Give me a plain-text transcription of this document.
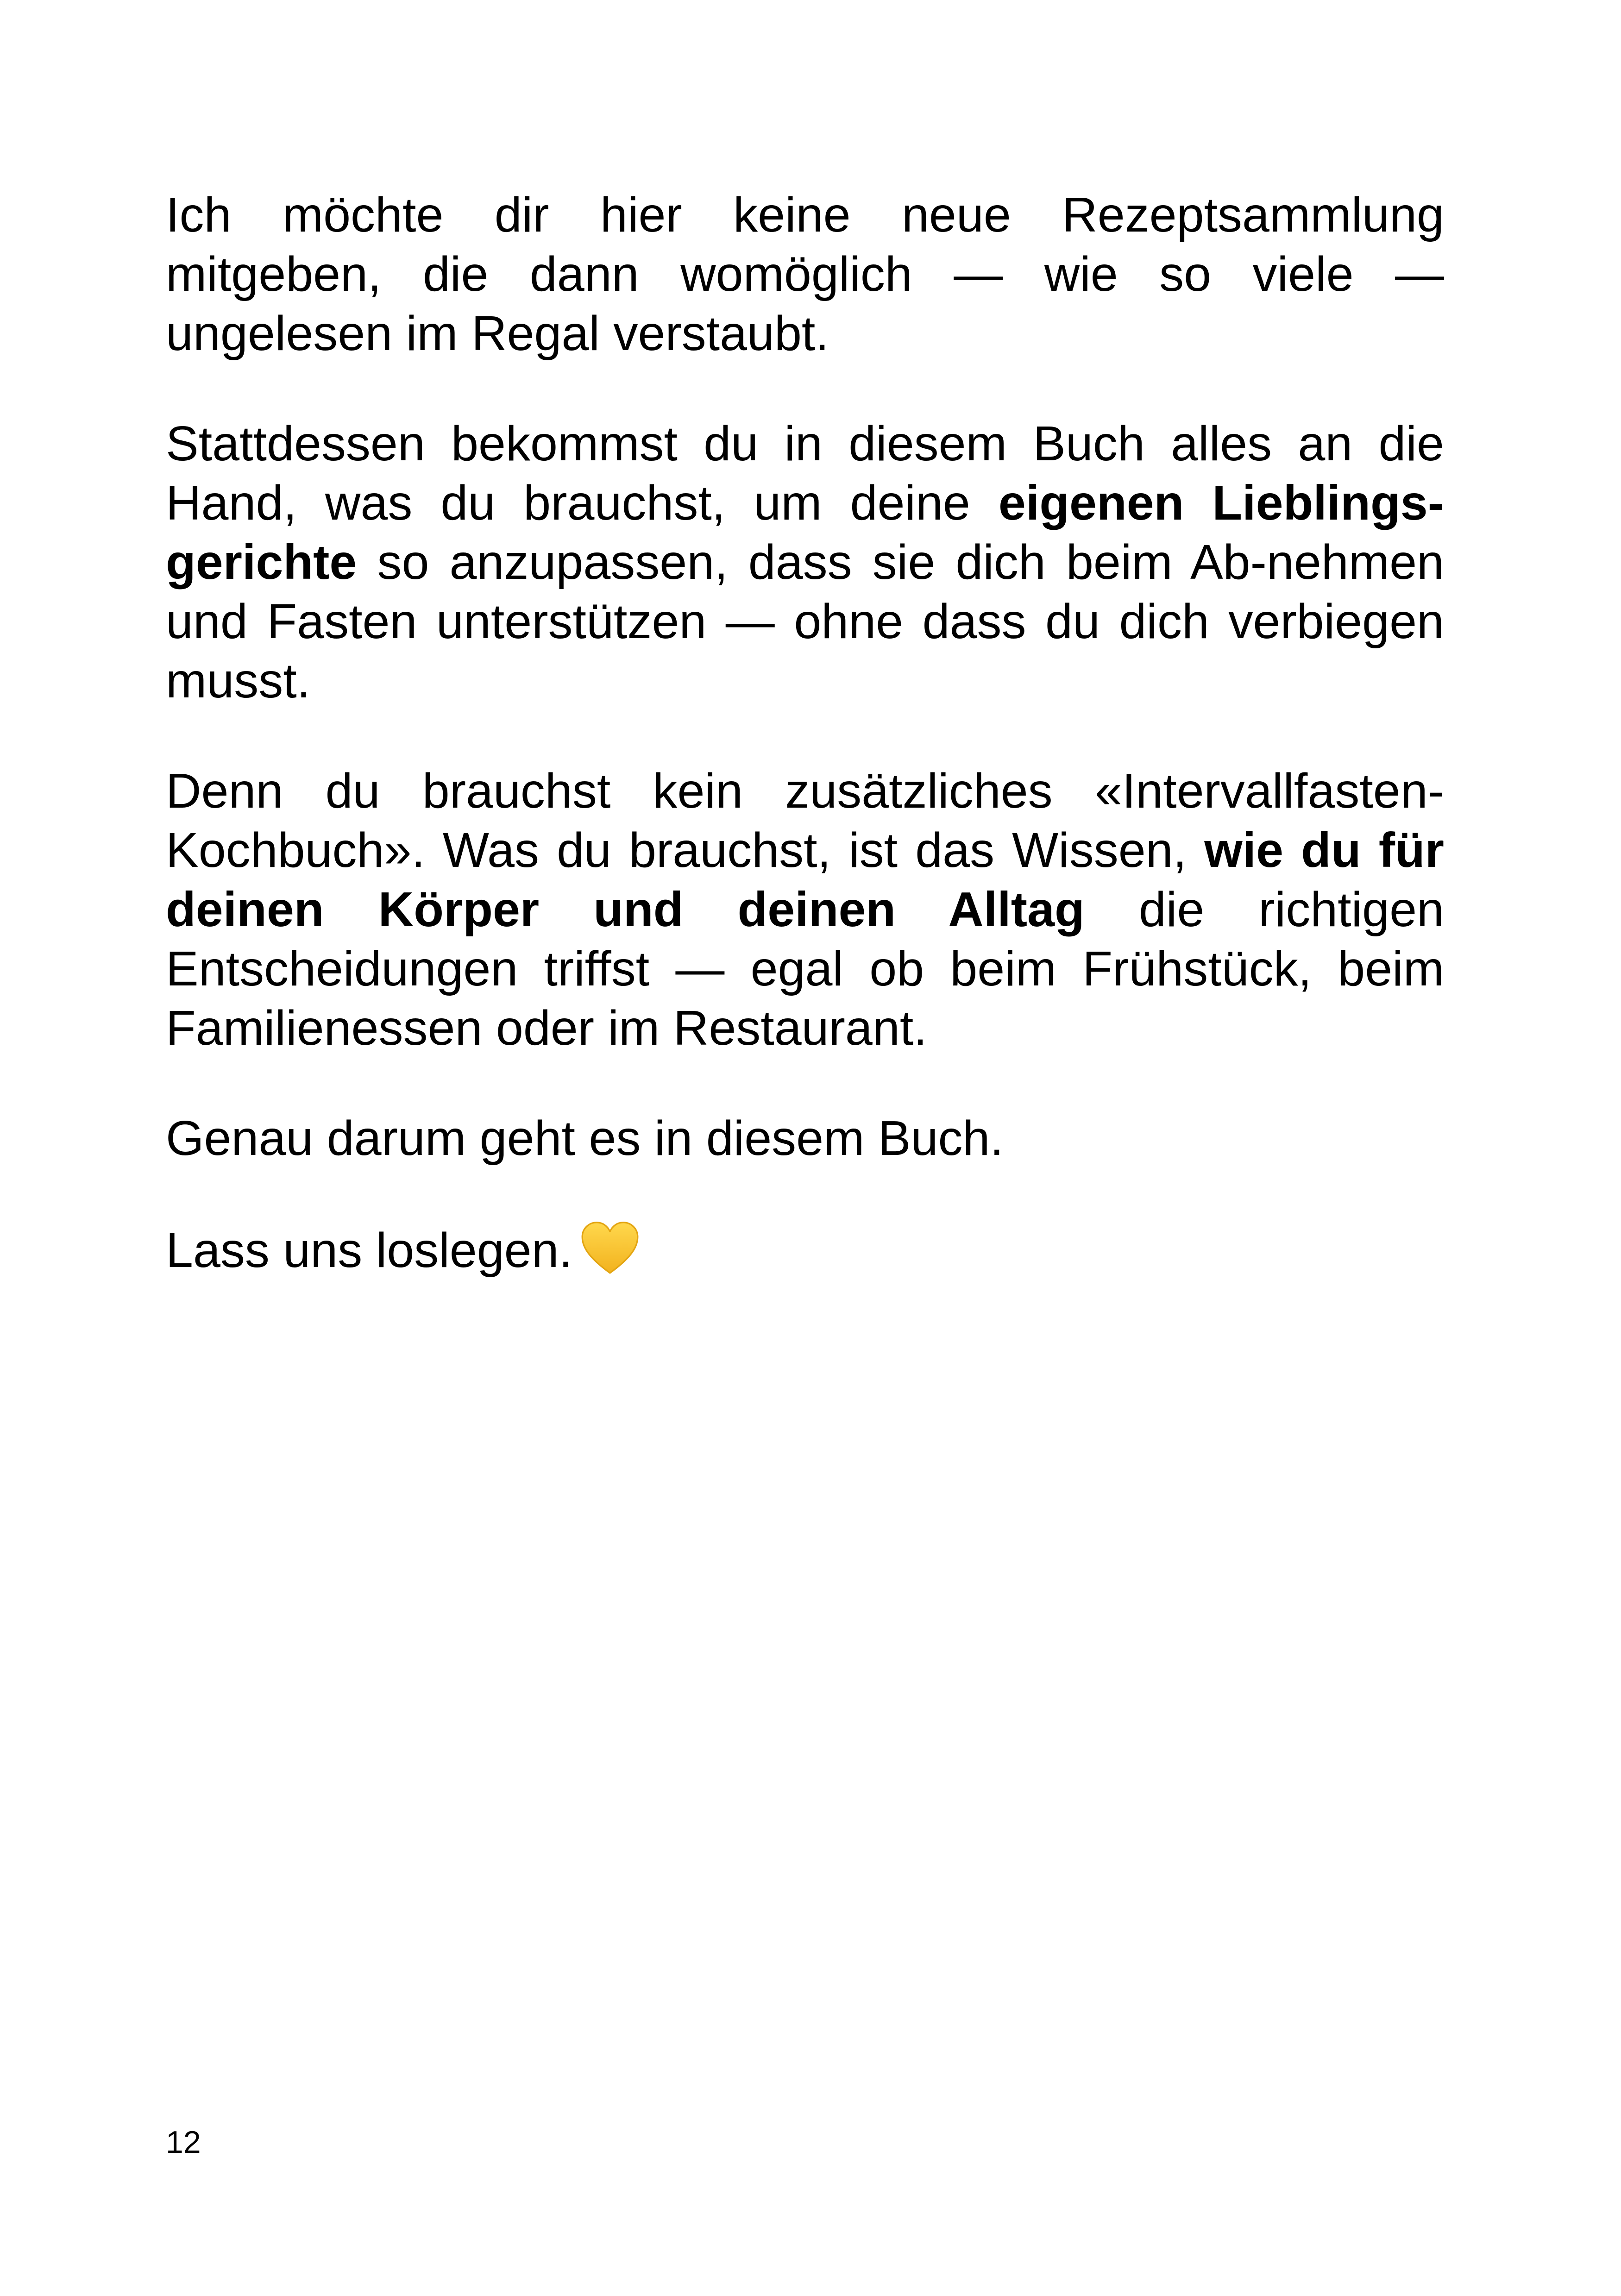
Ich möchte dir hier keine neue Rezeptsammlung mitgeben, die dann womöglich — wie so viele — ungelesen im Regal verstaubt.

Stattdessen bekommst du in diesem Buch alles an die Hand, was du brauchst, um deine eigenen Lieblingsgerichte so anzupassen, dass sie dich beim Ab-nehmen und Fasten unterstützen — ohne dass du dich verbiegen musst.

Denn du brauchst kein zusätzliches «Intervallfasten-Kochbuch». Was du brauchst, ist das Wissen, wie du für deinen Körper und deinen Alltag die richtigen Entscheidungen triffst — egal ob beim Frühstück, beim Familienessen oder im Restaurant.

Genau darum geht es in diesem Buch.

Lass uns loslegen.

12
